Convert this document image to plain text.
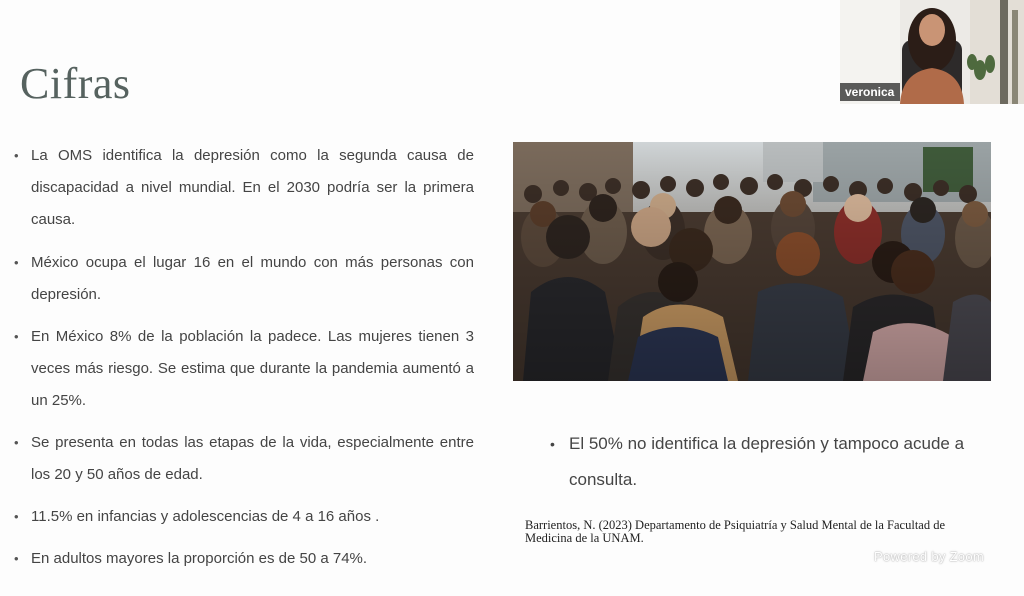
Cifras
• La OMS identifica la depresión como la segunda causa de discapacidad a nivel mundial. En el 2030 podría ser la primera causa.
• México ocupa el lugar 16 en el mundo con más personas con depresión.
• En México 8% de la población la padece. Las mujeres tienen 3 veces más riesgo. Se estima que durante la pandemia aumentó a un 25%.
• Se presenta en todas las etapas de la vida, especialmente entre los 20 y 50 años de edad.
• 11.5% en infancias y adolescencias de 4 a 16 años .
• En adultos mayores la proporción es de 50 a 74%.
• El 50% no identifica la depresión y tampoco acude a consulta.
Barrientos, N. (2023) Departamento de Psiquiatría y Salud Mental de la Facultad de Medicina de la UNAM.
Powered by Zoom
veronica
